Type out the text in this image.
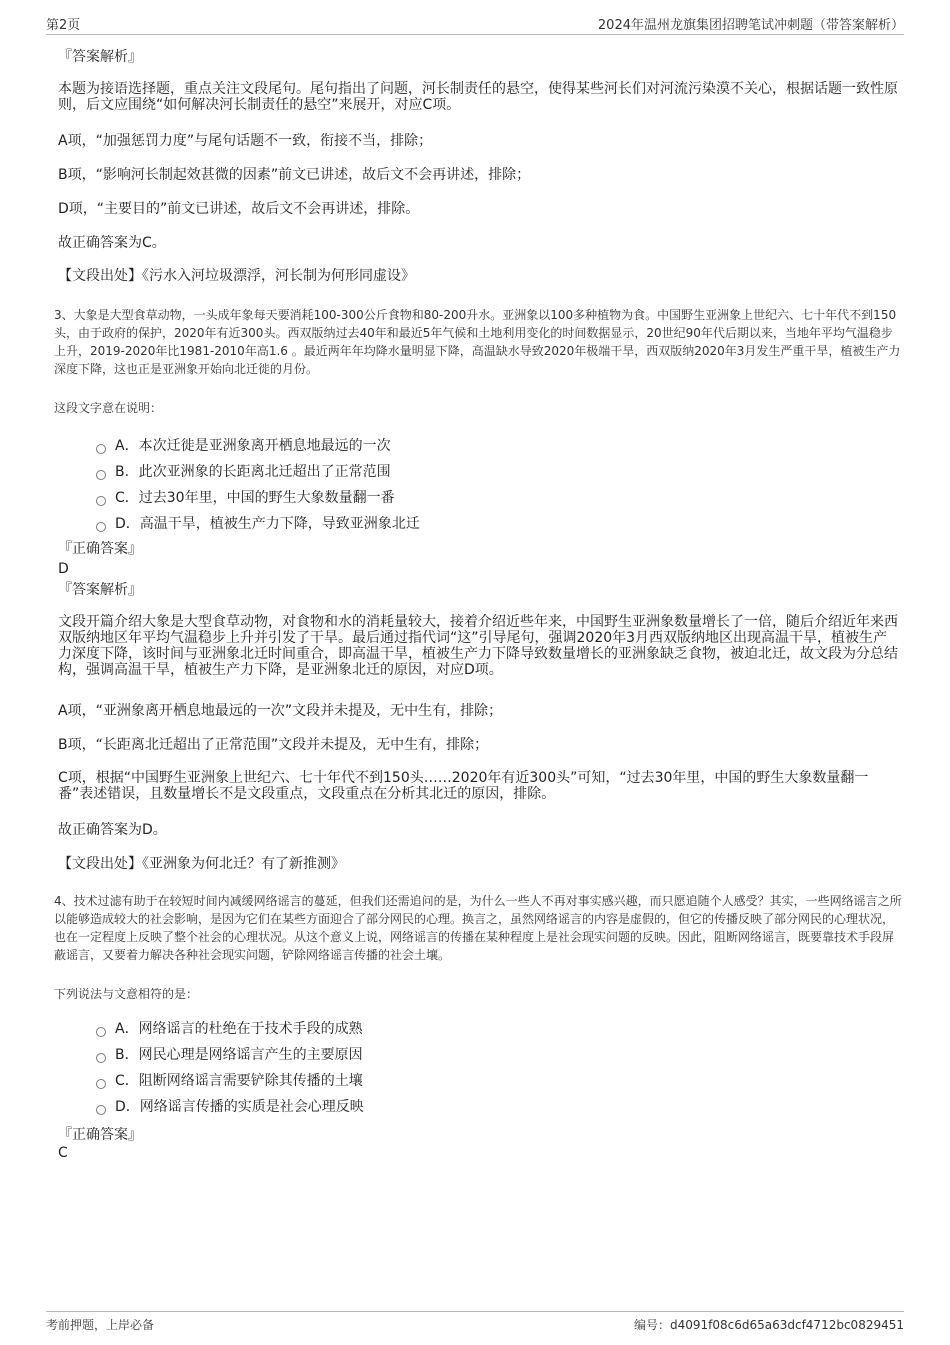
第2页	2024年温州龙旗集团招聘笔试冲刺题（带答案解析）

『答案解析』

本题为接语选择题，重点关注文段尾句。尾句指出了问题，河长制责任的悬空，使得某些河长们对河流污染漠不关心，根据话题一致性原则，后文应围绕“如何解决河长制责任的悬空”来展开，对应C项。

A项，“加强惩罚力度”与尾句话题不一致，衔接不当，排除；

B项，“影响河长制起效甚微的因素”前文已讲述，故后文不会再讲述，排除；

D项，“主要目的”前文已讲述，故后文不会再讲述，排除。

故正确答案为C。

【文段出处】《污水入河垃圾漂浮，河长制为何形同虚设》

3、大象是大型食草动物，一头成年象每天要消耗100-300公斤食物和80-200升水。亚洲象以100多种植物为食。中国野生亚洲象上世纪六、七十年代不到150头，由于政府的保护，2020年有近300头。西双版纳过去40年和最近5年气候和土地利用变化的时间数据显示，20世纪90年代后期以来，当地年平均气温稳步上升，2019-2020年比1981-2010年高1.6 。最近两年年均降水量明显下降，高温缺水导致2020年极端干旱，西双版纳2020年3月发生严重干旱，植被生产力深度下降，这也正是亚洲象开始向北迁徙的月份。

这段文字意在说明：

A．本次迁徙是亚洲象离开栖息地最远的一次
B．此次亚洲象的长距离北迁超出了正常范围
C．过去30年里，中国的野生大象数量翻一番
D．高温干旱，植被生产力下降，导致亚洲象北迁

『正确答案』

D

『答案解析』

文段开篇介绍大象是大型食草动物，对食物和水的消耗量较大，接着介绍近些年来，中国野生亚洲象数量增长了一倍，随后介绍近年来西双版纳地区年平均气温稳步上升并引发了干旱。最后通过指代词“这”引导尾句，强调2020年3月西双版纳地区出现高温干旱，植被生产力深度下降，该时间与亚洲象北迁时间重合，即高温干旱，植被生产力下降导致数量增长的亚洲象缺乏食物，被迫北迁，故文段为分总结构，强调高温干旱，植被生产力下降，是亚洲象北迁的原因，对应D项。

A项，“亚洲象离开栖息地最远的一次”文段并未提及，无中生有，排除；

B项，“长距离北迁超出了正常范围”文段并未提及，无中生有，排除；

C项，根据“中国野生亚洲象上世纪六、七十年代不到150头……2020年有近300头”可知，“过去30年里，中国的野生大象数量翻一番”表述错误，且数量增长不是文段重点，文段重点在分析其北迁的原因，排除。

故正确答案为D。

【文段出处】《亚洲象为何北迁？有了新推测》

4、技术过滤有助于在较短时间内减缓网络谣言的蔓延，但我们还需追问的是，为什么一些人不再对事实感兴趣，而只愿追随个人感受？其实，一些网络谣言之所以能够造成较大的社会影响，是因为它们在某些方面迎合了部分网民的心理。换言之，虽然网络谣言的内容是虚假的，但它的传播反映了部分网民的心理状况，也在一定程度上反映了整个社会的心理状况。从这个意义上说，网络谣言的传播在某种程度上是社会现实问题的反映。因此，阻断网络谣言，既要靠技术手段屏蔽谣言，又要着力解决各种社会现实问题，铲除网络谣言传播的社会土壤。

下列说法与文意相符的是：

A．网络谣言的杜绝在于技术手段的成熟
B．网民心理是网络谣言产生的主要原因
C．阻断网络谣言需要铲除其传播的土壤
D．网络谣言传播的实质是社会心理反映

『正确答案』

C

考前押题，上岸必备	编号：d4091f08c6d65a63dcf4712bc0829451
